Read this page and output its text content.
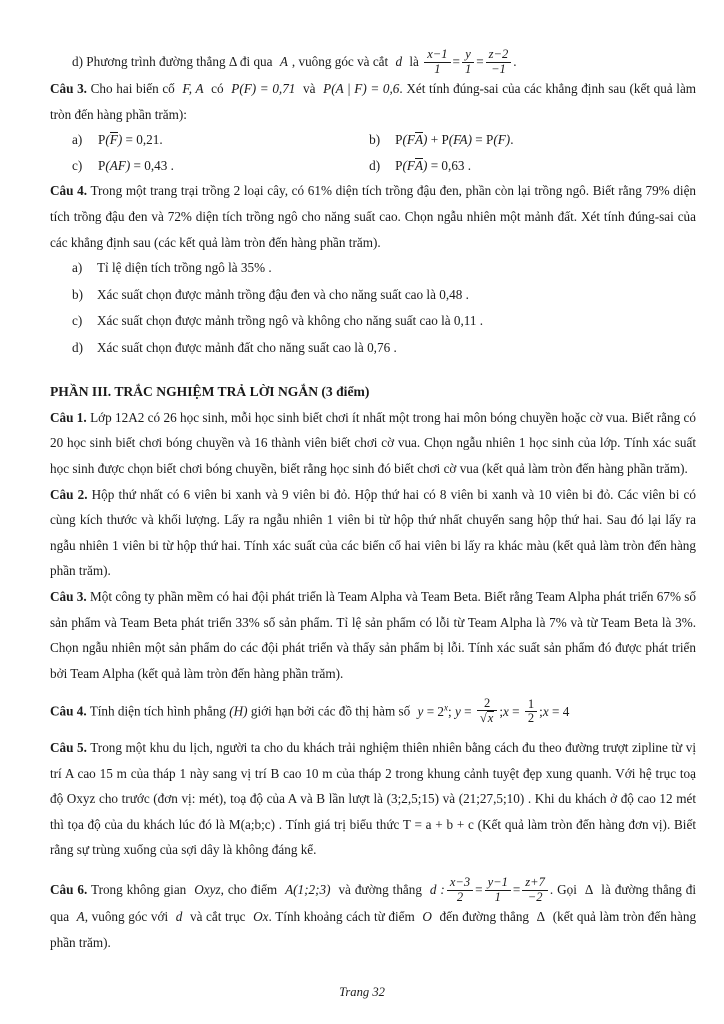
d) Phương trình đường thẳng Δ đi qua A , vuông góc và cắt d là $\frac{x-1}{1} = \frac{y}{1} = \frac{z-2}{-1}$ .
Câu 3. Cho hai biến cố F, A có P(F) = 0,71 và P(A | F) = 0,6. Xét tính đúng-sai của các khẳng định sau (kết quả làm tròn đến hàng phần trăm):
a)	P(F) = 0,21.	b)	P(FA) + P(FA) = P(F).
c)	P(AF) = 0,43 .	d)	P(FA) = 0,63 .
Câu 4. Trong một trang trại trồng 2 loại cây, có 61% diện tích trồng đậu đen, phần còn lại trồng ngô. Biết rằng 79% diện tích trồng đậu đen và 72% diện tích trồng ngô cho năng suất cao. Chọn ngẫu nhiên một mảnh đất. Xét tính đúng-sai của các khẳng định sau (các kết quả làm tròn đến hàng phần trăm).
a)	Tỉ lệ diện tích trồng ngô là 35% .
b)	Xác suất chọn được mảnh trồng đậu đen và cho năng suất cao là 0,48 .
c)	Xác suất chọn được mảnh trồng ngô và không cho năng suất cao là 0,11 .
d)	Xác suất chọn được mảnh đất cho năng suất cao là 0,76 .
PHẦN III. TRẮC NGHIỆM TRẢ LỜI NGẮN (3 điểm)
Câu 1. Lớp 12A2 có 26 học sinh, mỗi học sinh biết chơi ít nhất một trong hai môn bóng chuyền hoặc cờ vua. Biết rằng có 20 học sinh biết chơi bóng chuyền và 16 thành viên biết chơi cờ vua. Chọn ngẫu nhiên 1 học sinh của lớp. Tính xác suất học sinh được chọn biết chơi bóng chuyền, biết rằng học sinh đó biết chơi cờ vua (kết quả làm tròn đến hàng phần trăm).
Câu 2. Hộp thứ nhất có 6 viên bi xanh và 9 viên bi đỏ. Hộp thứ hai có 8 viên bi xanh và 10 viên bi đỏ. Các viên bi có cùng kích thước và khối lượng. Lấy ra ngẫu nhiên 1 viên bi từ hộp thứ nhất chuyển sang hộp thứ hai. Sau đó lại lấy ra ngẫu nhiên 1 viên bi từ hộp thứ hai. Tính xác suất của các biến cố hai viên bi lấy ra khác màu (kết quả làm tròn đến hàng phần trăm).
Câu 3. Một công ty phần mềm có hai đội phát triển là Team Alpha và Team Beta. Biết rằng Team Alpha phát triển 67% số sản phẩm và Team Beta phát triển 33% số sản phẩm. Tỉ lệ sản phẩm có lỗi từ Team Alpha là 7% và từ Team Beta là 3%. Chọn ngẫu nhiên một sản phẩm do các đội phát triển và thấy sản phẩm bị lỗi. Tính xác suất sản phẩm đó được phát triển bởi Team Alpha (kết quả làm tròn đến hàng phần trăm).
Câu 4. Tính diện tích hình phẳng (H) giới hạn bởi các đồ thị hàm số $y = 2^x$; $y = \frac{2}{√x}$ ;x = $\frac{1}{2}$ ;x = 4
Câu 5. Trong một khu du lịch, người ta cho du khách trải nghiệm thiên nhiên bằng cách đu theo đường trượt zipline từ vị trí A cao 15 m của tháp 1 này sang vị trí B cao 10 m của tháp 2 trong khung cảnh tuyệt đẹp xung quanh. Với hệ trục toạ độ Oxyz cho trước (đơn vị: mét), toạ độ của A và B lần lượt là (3;2,5;15) và (21;27,5;10) . Khi du khách ở độ cao 12 mét thì tọa độ của du khách lúc đó là M(a;b;c) . Tính giá trị biểu thức T = a + b + c (Kết quả làm tròn đến hàng đơn vị). Biết rằng sự trùng xuống của sợi dây là không đáng kể.
Câu 6. Trong không gian Oxyz, cho điểm A(1;2;3) và đường thẳng d : $\frac{x-3}{2} = \frac{y-1}{1} = \frac{z+7}{-2}$ . Gọi Δ là đường thẳng đi qua A, vuông góc với d và cắt trục Ox. Tính khoảng cách từ điểm O đến đường thẳng Δ (kết quả làm tròn đến hàng phần trăm).
Trang 32
